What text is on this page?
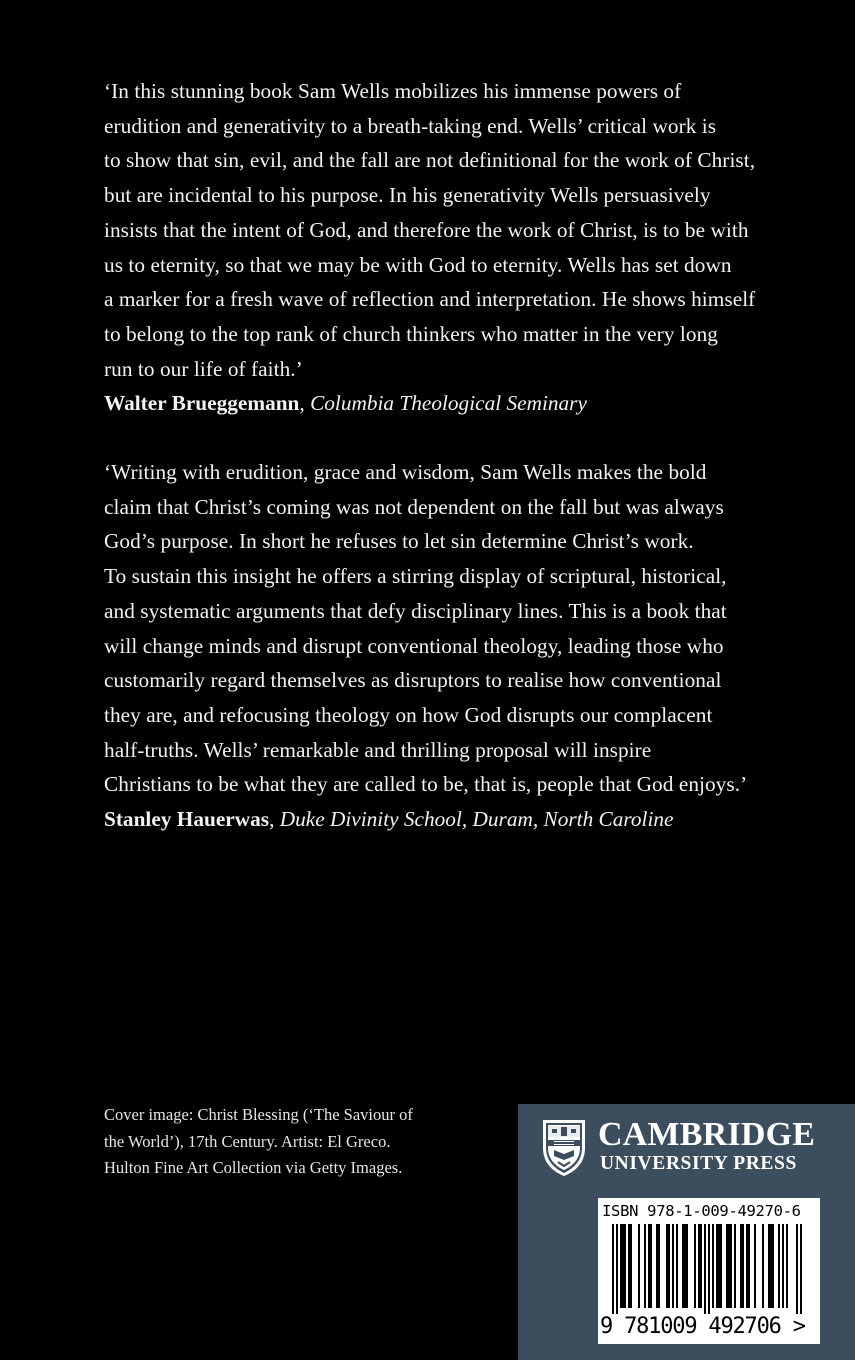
‘In this stunning book Sam Wells mobilizes his immense powers of
erudition and generativity to a breath-taking end. Wells’ critical work is
to show that sin, evil, and the fall are not definitional for the work of Christ,
but are incidental to his purpose. In his generativity Wells persuasively
insists that the intent of God, and therefore the work of Christ, is to be with
us to eternity, so that we may be with God to eternity. Wells has set down
a marker for a fresh wave of reflection and interpretation. He shows himself
to belong to the top rank of church thinkers who matter in the very long
run to our life of faith.’
Walter Brueggemann, Columbia Theological Seminary
‘Writing with erudition, grace and wisdom, Sam Wells makes the bold
claim that Christ’s coming was not dependent on the fall but was always
God’s purpose. In short he refuses to let sin determine Christ’s work.
To sustain this insight he offers a stirring display of scriptural, historical,
and systematic arguments that defy disciplinary lines. This is a book that
will change minds and disrupt conventional theology, leading those who
customarily regard themselves as disruptors to realise how conventional
they are, and refocusing theology on how God disrupts our complacent
half-truths. Wells’ remarkable and thrilling proposal will inspire
Christians to be what they are called to be, that is, people that God enjoys.’
Stanley Hauerwas, Duke Divinity School, Duram, North Caroline
Cover image: Christ Blessing (‘The Saviour of
the World’), 17th Century. Artist: El Greco.
Hulton Fine Art Collection via Getty Images.
CAMBRIDGE
UNIVERSITY PRESS
ISBN 978-1-009-49270-6
9 781009 492706 >
